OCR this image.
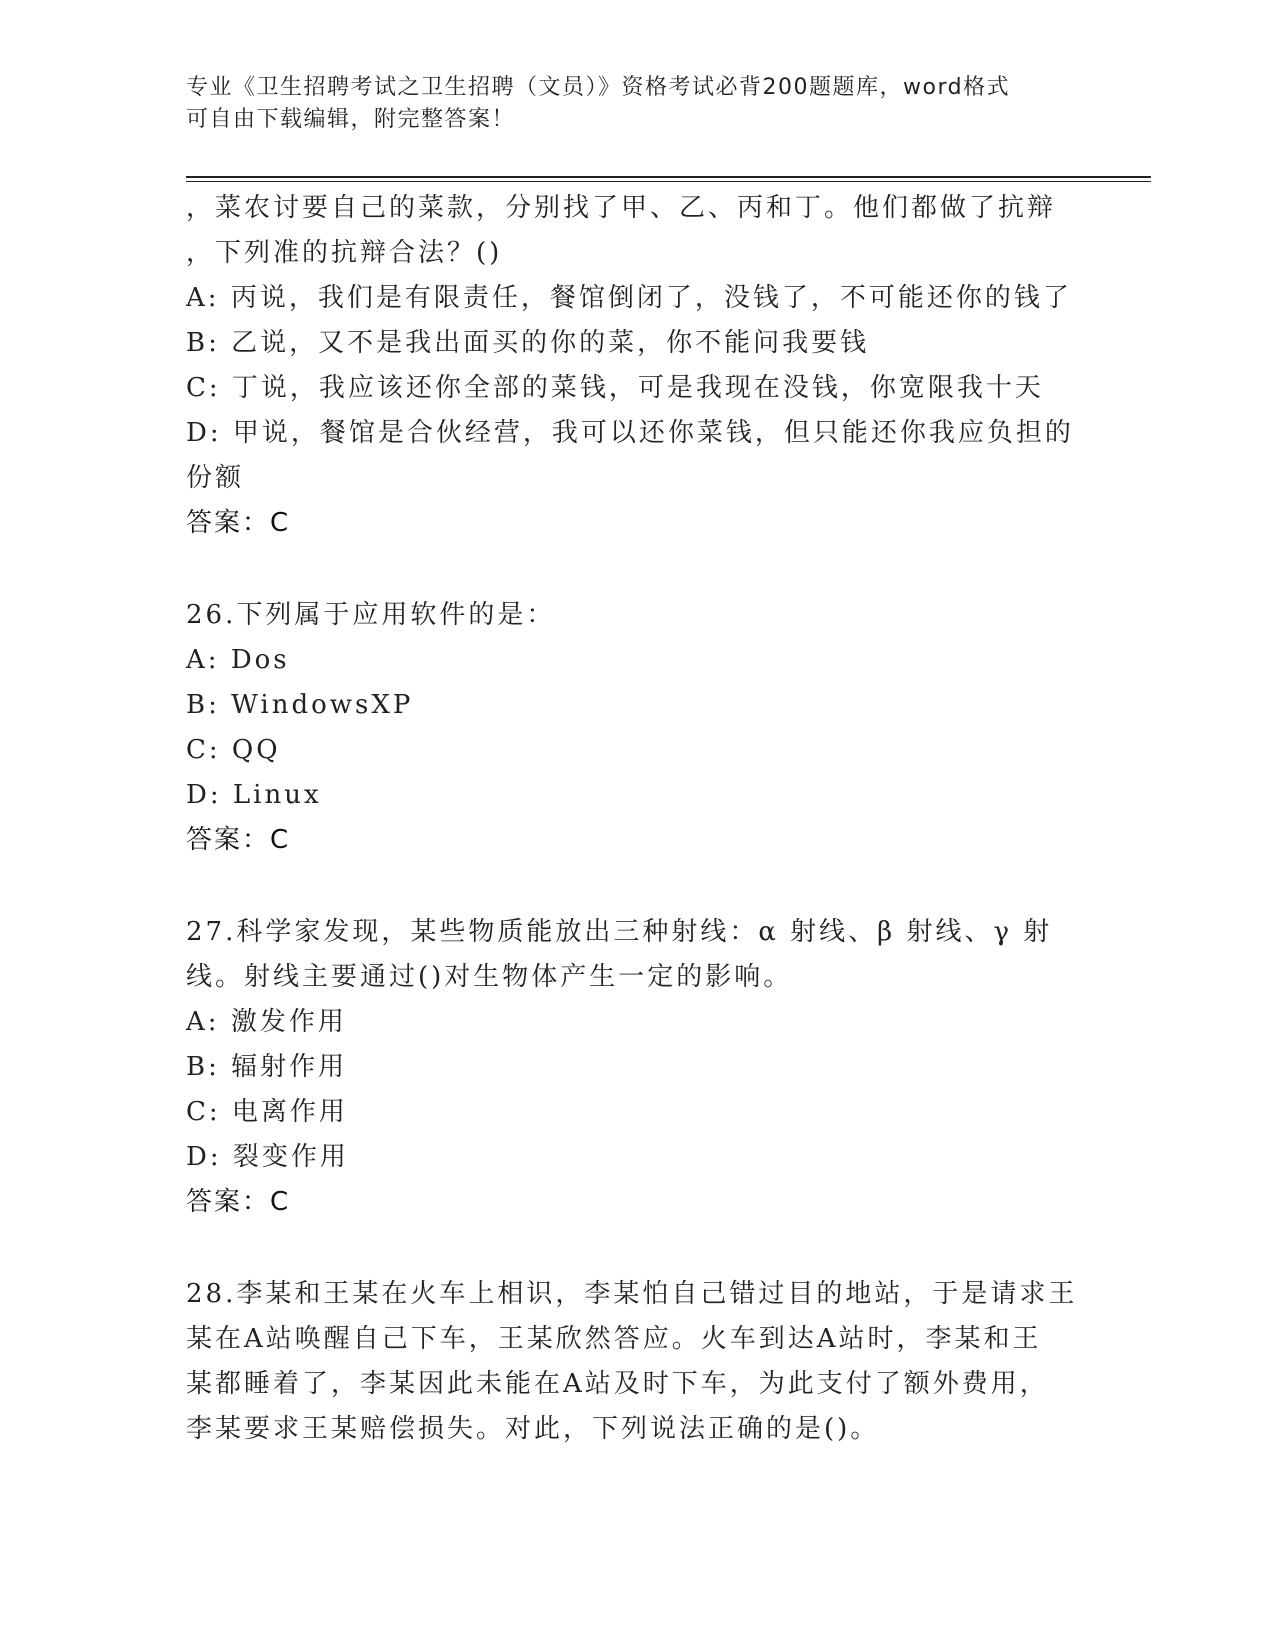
专业《卫生招聘考试之卫生招聘（文员）》资格考试必背200题题库，word格式
可自由下载编辑，附完整答案！
，菜农讨要自己的菜款，分别找了甲、乙、丙和丁。他们都做了抗辩
，下列准的抗辩合法？()
A: 丙说，我们是有限责任，餐馆倒闭了，没钱了，不可能还你的钱了
B: 乙说，又不是我出面买的你的菜，你不能问我要钱
C: 丁说，我应该还你全部的菜钱，可是我现在没钱，你宽限我十天
D: 甲说，餐馆是合伙经营，我可以还你菜钱，但只能还你我应负担的
份额
答案：C
26.下列属于应用软件的是：
A: Dos
B: WindowsXP
C: QQ
D: Linux
答案：C
27.科学家发现，某些物质能放出三种射线：α 射线、β 射线、γ 射
线。射线主要通过()对生物体产生一定的影响。
A: 激发作用
B: 辐射作用
C: 电离作用
D: 裂变作用
答案：C
28.李某和王某在火车上相识，李某怕自己错过目的地站，于是请求王
某在A站唤醒自己下车，王某欣然答应。火车到达A站时，李某和王
某都睡着了，李某因此未能在A站及时下车，为此支付了额外费用，
李某要求王某赔偿损失。对此，下列说法正确的是()。
